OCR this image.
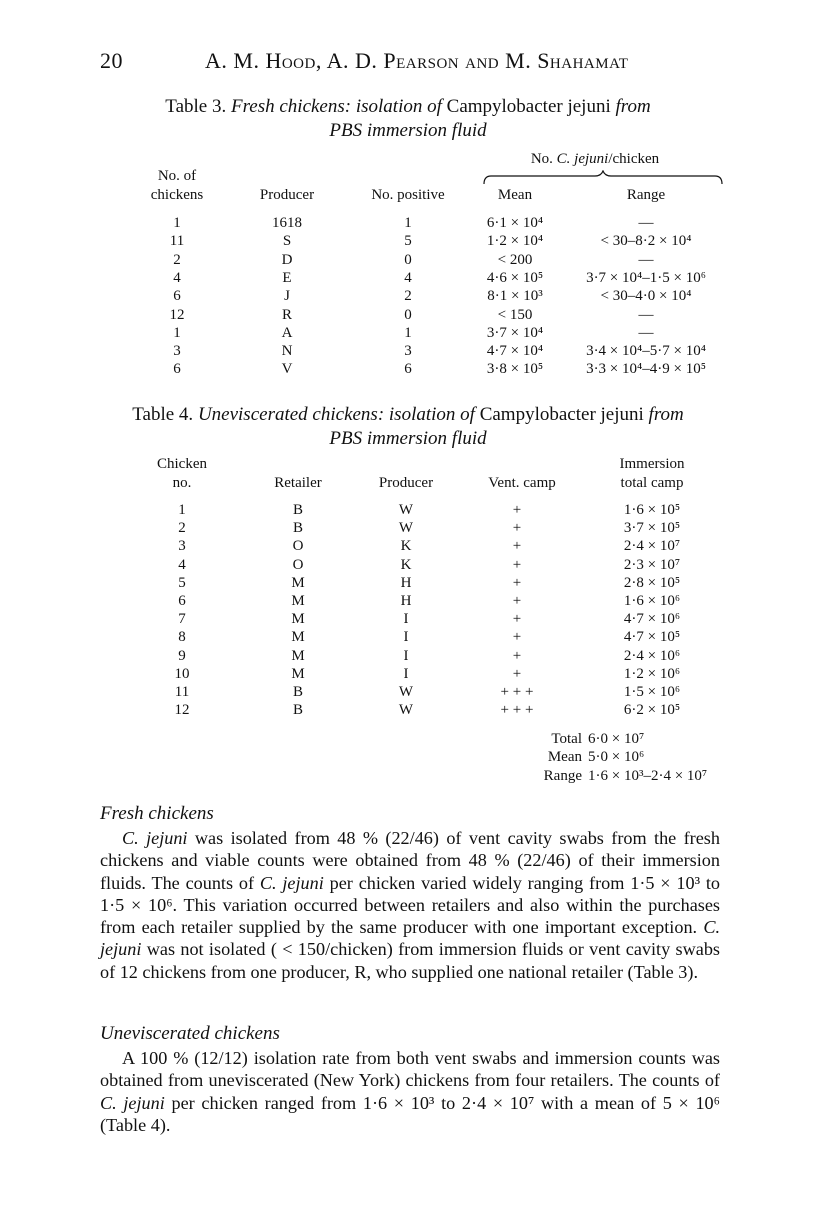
20	A. M. Hood, A. D. Pearson and M. Shahamat
Table 3. Fresh chickens: isolation of Campylobacter jejuni from
PBS immersion fluid
No. C. jejuni/chicken
No. of
chickens	Producer	No. positive	Mean	Range
1	1618	1	6·1 × 10⁴	—
11	S	5	1·2 × 10⁴	< 30–8·2 × 10⁴
2	D	0	< 200	—
4	E	4	4·6 × 10⁵	3·7 × 10⁴–1·5 × 10⁶
6	J	2	8·1 × 10³	< 30–4·0 × 10⁴
12	R	0	< 150	—
1	A	1	3·7 × 10⁴	—
3	N	3	4·7 × 10⁴	3·4 × 10⁴–5·7 × 10⁴
6	V	6	3·8 × 10⁵	3·3 × 10⁴–4·9 × 10⁵
Table 4. Uneviscerated chickens: isolation of Campylobacter jejuni from
PBS immersion fluid
Chicken
no.	Retailer	Producer	Vent. camp
Immersion
total camp
1	B	W	+	1·6 × 10⁵
2	B	W	+	3·7 × 10⁵
3	O	K	+	2·4 × 10⁷
4	O	K	+	2·3 × 10⁷
5	M	H	+	2·8 × 10⁵
6	M	H	+	1·6 × 10⁶
7	M	I	+	4·7 × 10⁶
8	M	I	+	4·7 × 10⁵
9	M	I	+	2·4 × 10⁶
10	M	I	+	1·2 × 10⁶
11	B	W	+ + +	1·5 × 10⁶
12	B	W	+ + +	6·2 × 10⁵
Total 6·0 × 10⁷
Mean 5·0 × 10⁶
Range 1·6 × 10³–2·4 × 10⁷
Fresh chickens
C. jejuni was isolated from 48 % (22/46) of vent cavity swabs from the fresh chickens and viable counts were obtained from 48 % (22/46) of their immersion fluids. The counts of C. jejuni per chicken varied widely ranging from 1·5 × 10³ to 1·5 × 10⁶. This variation occurred between retailers and also within the purchases from each retailer supplied by the same producer with one important exception. C. jejuni was not isolated ( < 150/chicken) from immersion fluids or vent cavity swabs of 12 chickens from one producer, R, who supplied one national retailer (Table 3).
Uneviscerated chickens
A 100 % (12/12) isolation rate from both vent swabs and immersion counts was obtained from uneviscerated (New York) chickens from four retailers. The counts of C. jejuni per chicken ranged from 1·6 × 10³ to 2·4 × 10⁷ with a mean of 5 × 10⁶ (Table 4).
